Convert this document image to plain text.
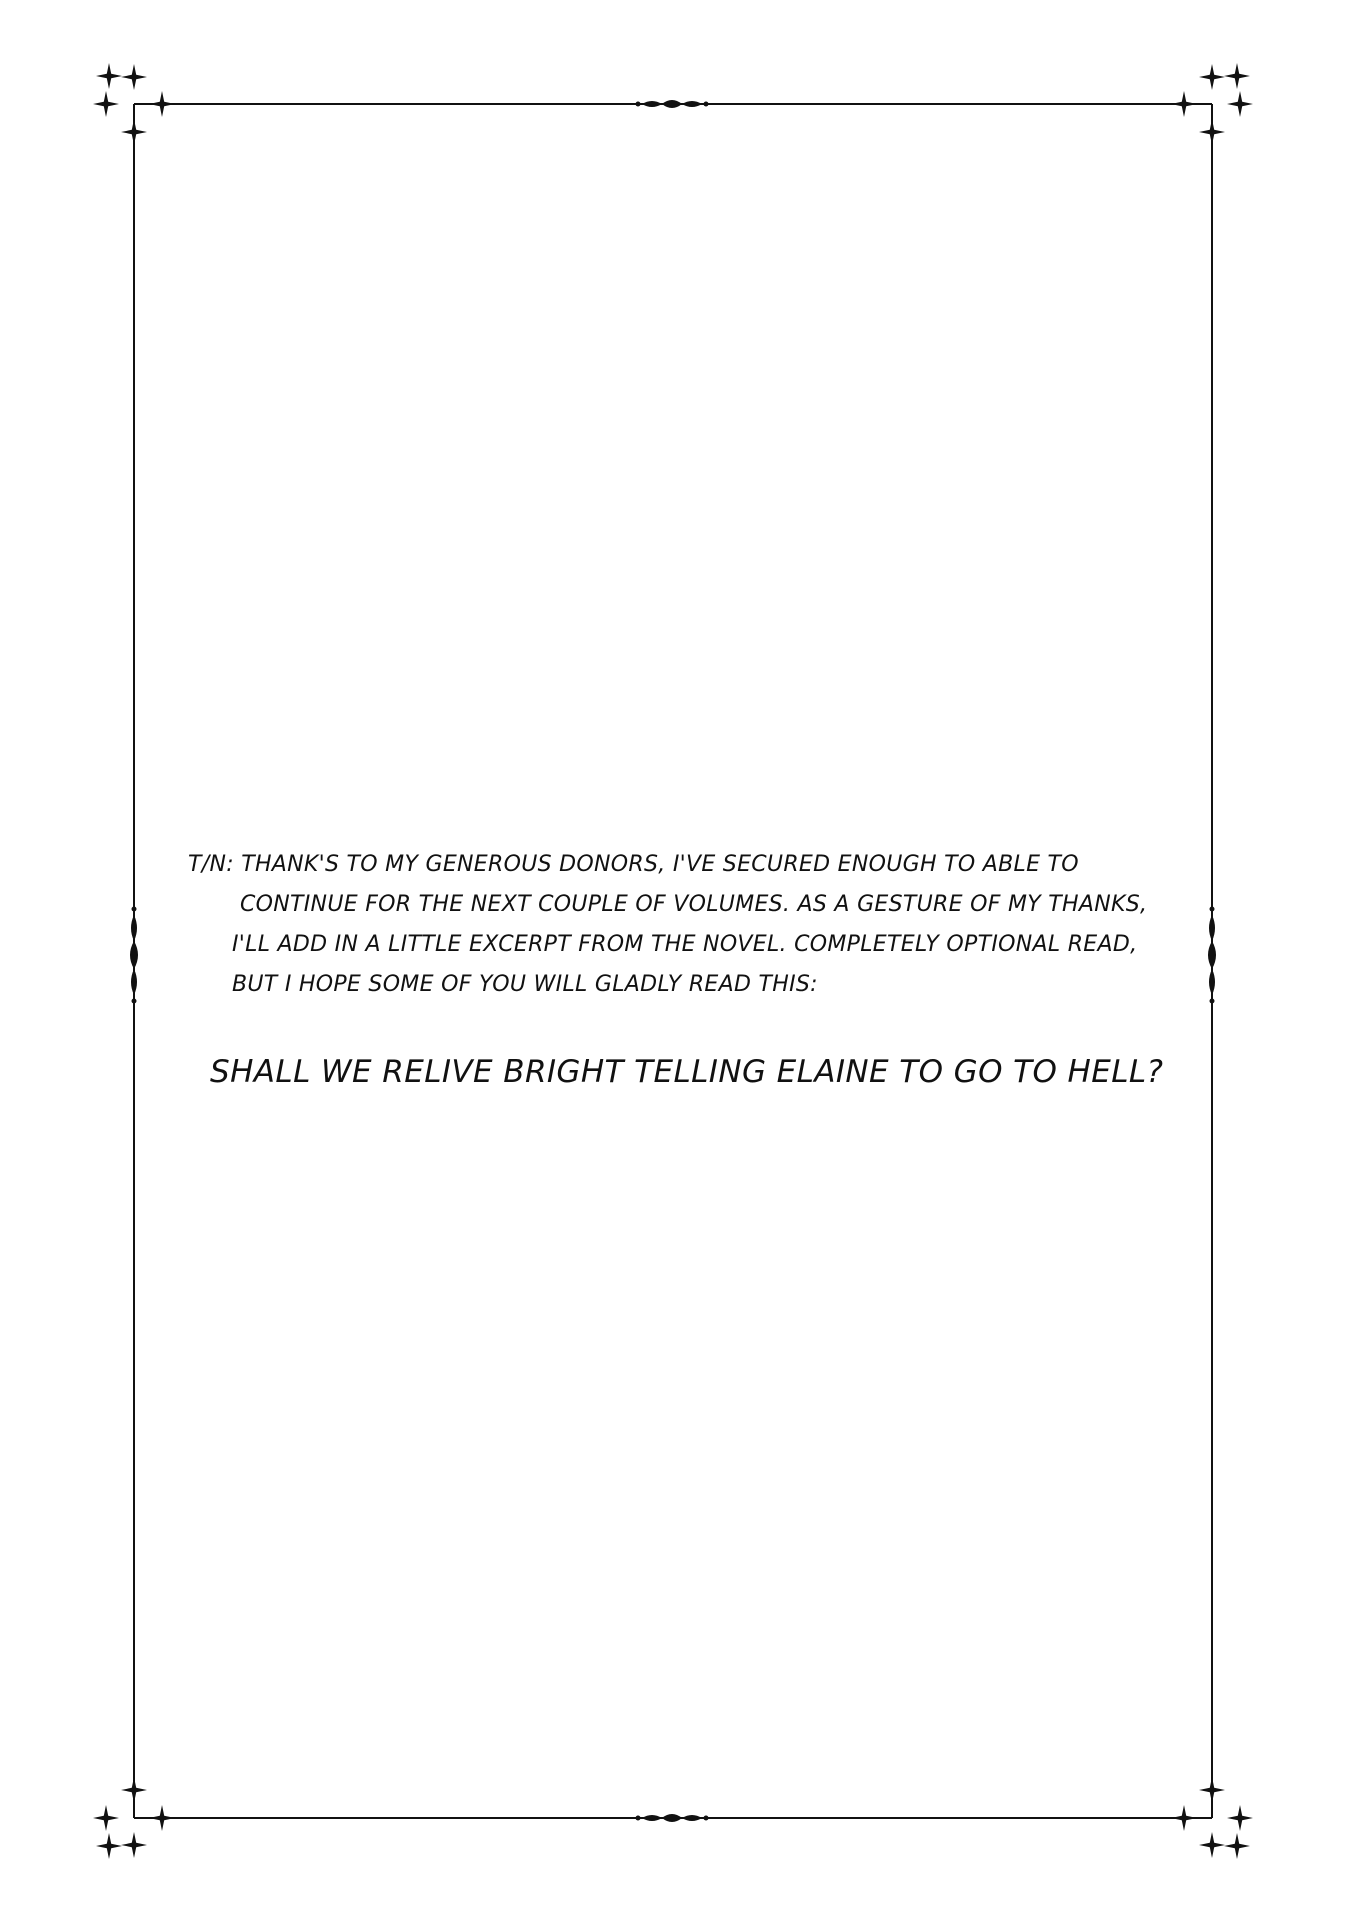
T/N: THANK'S TO MY GENEROUS DONORS, I'VE SECURED ENOUGH TO ABLE TO
CONTINUE FOR THE NEXT COUPLE OF VOLUMES. AS A GESTURE OF MY THANKS,
I'LL ADD IN A LITTLE EXCERPT FROM THE NOVEL. COMPLETELY OPTIONAL READ,
BUT I HOPE SOME OF YOU WILL GLADLY READ THIS:
SHALL WE RELIVE BRIGHT TELLING ELAINE TO GO TO HELL?
